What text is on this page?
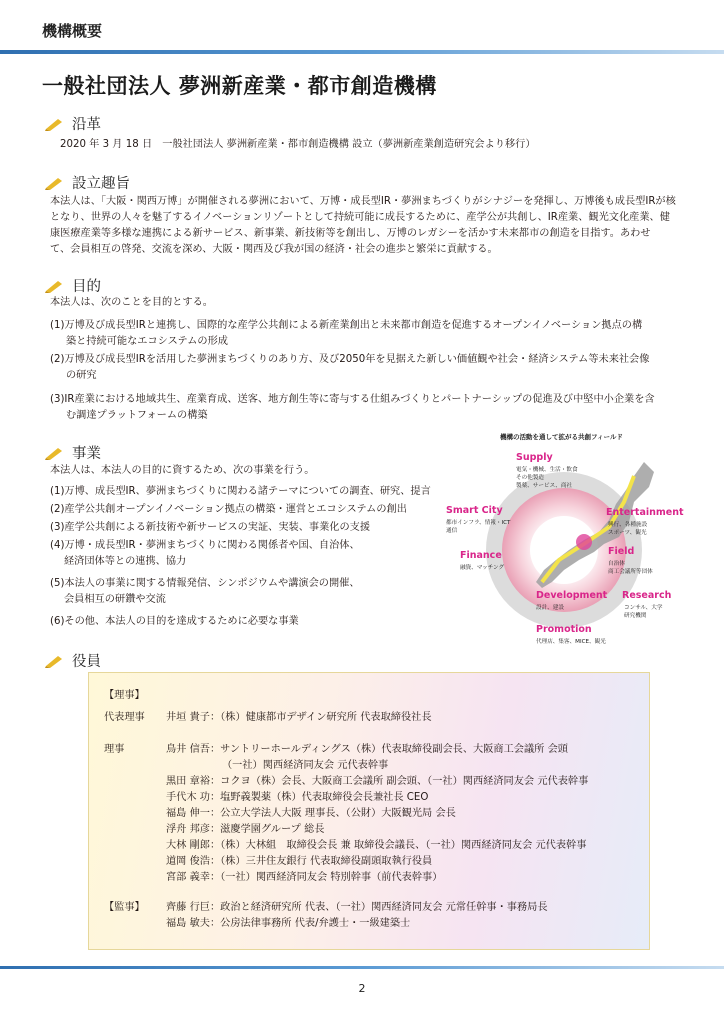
機構概要
一般社団法人 夢洲新産業・都市創造機構
沿革
2020 年 3 月 18 日　一般社団法人 夢洲新産業・都市創造機構 設立（夢洲新産業創造研究会より移行）
設立趣旨
本法人は、「大阪・関西万博」が開催される夢洲において、万博・成長型IR・夢洲まちづくりがシナジーを発揮し、万博後も成長型IRが核
となり、世界の人々を魅了するイノベーションリゾートとして持続可能に成長するために、産学公が共創し、IR産業、観光文化産業、健
康医療産業等多様な連携による新サービス、新事業、新技術等を創出し、万博のレガシーを活かす未来都市の創造を目指す。あわせ
て、会員相互の啓発、交流を深め、大阪・関西及び我が国の経済・社会の進歩と繁栄に貢献する。
目的
本法人は、次のことを目的とする。
(1)万博及び成長型IRと連携し、国際的な産学公共創による新産業創出と未来都市創造を促進するオープンイノベーション拠点の構
築と持続可能なエコシステムの形成
(2)万博及び成長型IRを活用した夢洲まちづくりのあり方、及び2050年を見据えた新しい価値観や社会・経済システム等未来社会像
の研究
(3)IR産業における地域共生、産業育成、送客、地方創生等に寄与する仕組みづくりとパートナーシップの促進及び中堅中小企業を含
む調達プラットフォームの構築
事業
本法人は、本法人の目的に資するため、次の事業を行う。
(1)万博、成長型IR、夢洲まちづくりに関わる諸テーマについての調査、研究、提言
(2)産学公共創オープンイノベーション拠点の構築・運営とエコシステムの創出
(3)産学公共創による新技術や新サービスの実証、実装、事業化の支援
(4)万博・成長型IR・夢洲まちづくりに関わる関係者や国、自治体、
経済団体等との連携、協力
(5)本法人の事業に関する情報発信、シンポジウムや講演会の開催、
会員相互の研鑽や交流
(6)その他、本法人の目的を達成するために必要な事業
機構の活動を通して拡がる共創フィールド
Supply
電気・機械、生活・飲食
その他製造
製薬、サービス、商社
Smart City
都市インフラ、情報・ICT
通信
Finance
融資、マッチング
Development
設計、建設
Promotion
代理店、集客、MICE、観光
Entertainment
興行、各種施設
スポーツ、観光
Field
自治体
商工会議所等団体
Research
コンサル、大学
研究機関
役員
【理事】
代表理事 井垣 貴子：（株）健康都市デザイン研究所 代表取締役社長
理事	鳥井 信吾：サントリーホールディングス（株）代表取締役副会長、大阪商工会議所 会頭
（一社）関西経済同友会 元代表幹事
黒田 章裕：コクヨ（株）会長、大阪商工会議所 副会頭、（一社）関西経済同友会 元代表幹事
手代木 功：塩野義製薬（株）代表取締役会長兼社長 CEO
福島 伸一：公立大学法人大阪 理事長、（公財）大阪観光局 会長
浮舟 邦彦：滋慶学園グループ 総長
大林 剛郎：（株）大林組　取締役会長 兼 取締役会議長、（一社）関西経済同友会 元代表幹事
道岡 俊浩：（株）三井住友銀行 代表取締役副頭取執行役員
宮部 義幸：（一社）関西経済同友会 特別幹事（前代表幹事）
【監事】 齊藤 行巨：政治と経済研究所 代表、（一社）関西経済同友会 元常任幹事・事務局長
福島 敏夫：公房法律事務所 代表/弁護士・一級建築士
2
